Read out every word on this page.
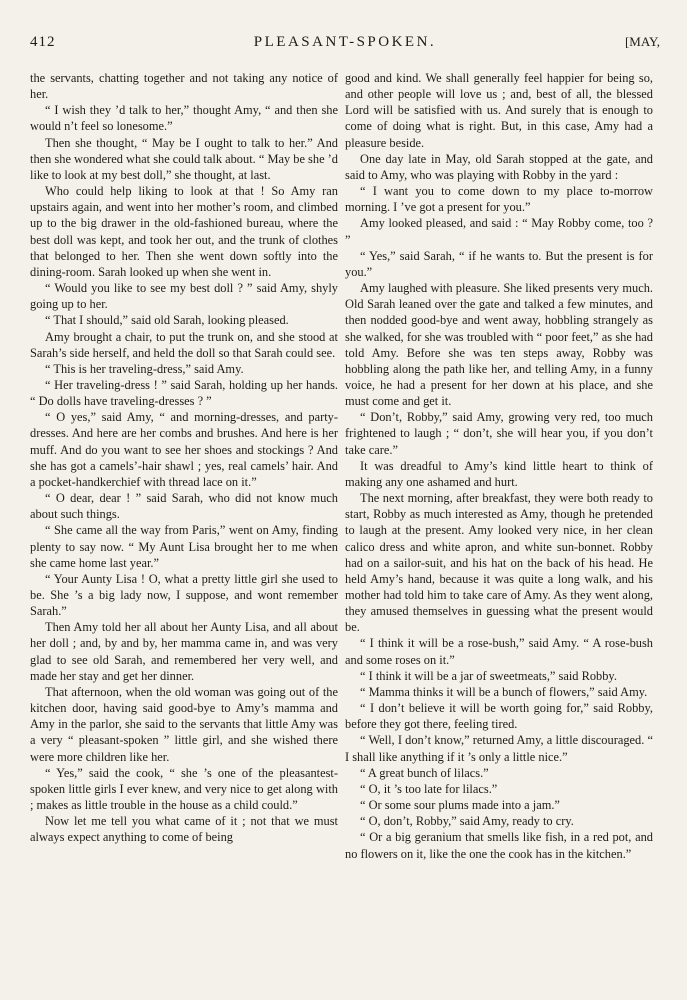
412	PLEASANT-SPOKEN.	[MAY,

the servants, chatting together and not taking any notice of her.

“ I wish they ’d talk to her,” thought Amy, “ and then she would n’t feel so lonesome.”

Then she thought, “ May be I ought to talk to her.” And then she wondered what she could talk about. “ May be she ’d like to look at my best doll,” she thought, at last.

Who could help liking to look at that ! So Amy ran upstairs again, and went into her mother’s room, and climbed up to the big drawer in the old-fashioned bureau, where the best doll was kept, and took her out, and the trunk of clothes that belonged to her. Then she went down softly into the dining-room. Sarah looked up when she went in.

“ Would you like to see my best doll ? ” said Amy, shyly going up to her.

“ That I should,” said old Sarah, looking pleased.

Amy brought a chair, to put the trunk on, and she stood at Sarah’s side herself, and held the doll so that Sarah could see.

“ This is her traveling-dress,” said Amy.

“ Her traveling-dress ! ” said Sarah, holding up her hands. “ Do dolls have traveling-dresses ? ”

“ O yes,” said Amy, “ and morning-dresses, and party-dresses. And here are her combs and brushes. And here is her muff. And do you want to see her shoes and stockings ? And she has got a camels’-hair shawl ; yes, real camels’ hair. And a pocket-handkerchief with thread lace on it.”

“ O dear, dear ! ” said Sarah, who did not know much about such things.

“ She came all the way from Paris,” went on Amy, finding plenty to say now. “ My Aunt Lisa brought her to me when she came home last year.”

“ Your Aunty Lisa ! O, what a pretty little girl she used to be. She ’s a big lady now, I suppose, and wont remember Sarah.”

Then Amy told her all about her Aunty Lisa, and all about her doll ; and, by and by, her mamma came in, and was very glad to see old Sarah, and remembered her very well, and made her stay and get her dinner.

That afternoon, when the old woman was going out of the kitchen door, having said good-bye to Amy’s mamma and Amy in the parlor, she said to the servants that little Amy was a very “ pleasant-spoken ” little girl, and she wished there were more children like her.

“ Yes,” said the cook, “ she ’s one of the pleasantest-spoken little girls I ever knew, and very nice to get along with ; makes as little trouble in the house as a child could.”

Now let me tell you what came of it ; not that we must always expect anything to come of being

good and kind. We shall generally feel happier for being so, and other people will love us ; and, best of all, the blessed Lord will be satisfied with us. And surely that is enough to come of doing what is right. But, in this case, Amy had a pleasure beside.

One day late in May, old Sarah stopped at the gate, and said to Amy, who was playing with Robby in the yard :

“ I want you to come down to my place to-morrow morning. I ’ve got a present for you.”

Amy looked pleased, and said : “ May Robby come, too ? ”

“ Yes,” said Sarah, “ if he wants to. But the present is for you.”

Amy laughed with pleasure. She liked presents very much. Old Sarah leaned over the gate and talked a few minutes, and then nodded good-bye and went away, hobbling strangely as she walked, for she was troubled with “ poor feet,” as she had told Amy. Before she was ten steps away, Robby was hobbling along the path like her, and telling Amy, in a funny voice, he had a present for her down at his place, and she must come and get it.

“ Don’t, Robby,” said Amy, growing very red, too much frightened to laugh ; “ don’t, she will hear you, if you don’t take care.”

It was dreadful to Amy’s kind little heart to think of making any one ashamed and hurt.

The next morning, after breakfast, they were both ready to start, Robby as much interested as Amy, though he pretended to laugh at the present. Amy looked very nice, in her clean calico dress and white apron, and white sun-bonnet. Robby had on a sailor-suit, and his hat on the back of his head. He held Amy’s hand, because it was quite a long walk, and his mother had told him to take care of Amy. As they went along, they amused themselves in guessing what the present would be.

“ I think it will be a rose-bush,” said Amy. “ A rose-bush and some roses on it.”

“ I think it will be a jar of sweetmeats,” said Robby.

“ Mamma thinks it will be a bunch of flowers,” said Amy.

“ I don’t believe it will be worth going for,” said Robby, before they got there, feeling tired.

“ Well, I don’t know,” returned Amy, a little discouraged. “ I shall like anything if it ’s only a little nice.”

“ A great bunch of lilacs.”

“ O, it ’s too late for lilacs.”

“ Or some sour plums made into a jam.”

“ O, don’t, Robby,” said Amy, ready to cry.

“ Or a big geranium that smells like fish, in a red pot, and no flowers on it, like the one the cook has in the kitchen.”
